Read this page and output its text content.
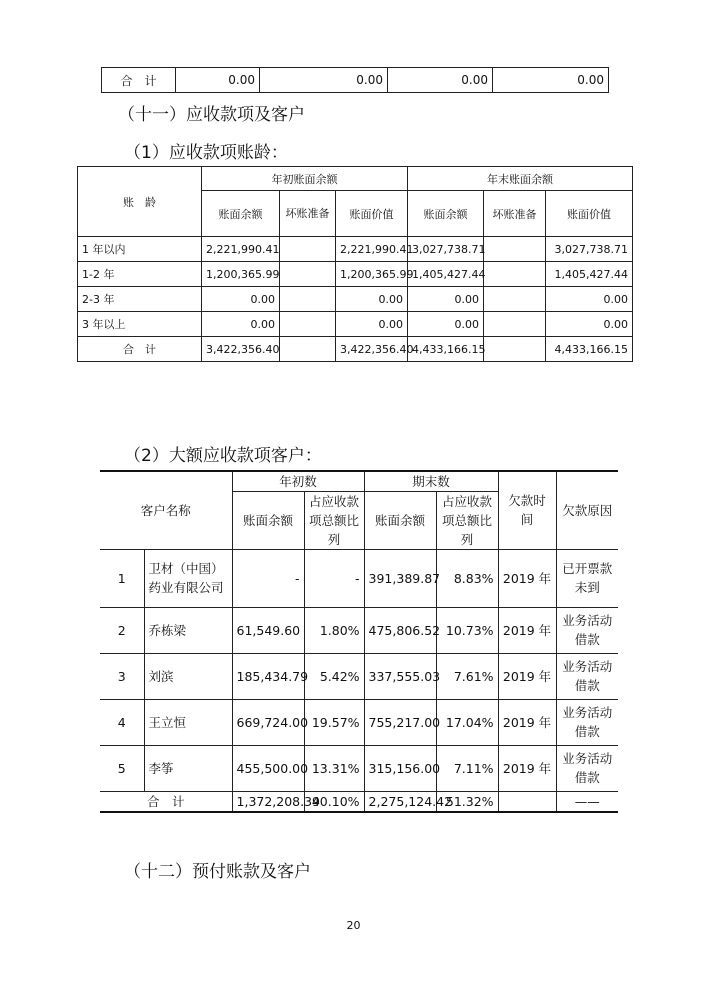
合　计	0.00	0.00	0.00	0.00
（十一）应收款项及客户
（1）应收款项账龄：
账　龄	年初账面余额			年末账面余额		
	账面余额	坏账准备	账面价值	账面余额	坏账准备	账面价值
1 年以内	2,221,990.41		2,221,990.41	3,027,738.71		3,027,738.71
1-2 年	1,200,365.99		1,200,365.99	1,405,427.44		1,405,427.44
2-3 年	0.00		0.00	0.00		0.00
3 年以上	0.00		0.00	0.00		0.00
合　计	3,422,356.40		3,422,356.40	4,433,166.15		4,433,166.15
（2）大额应收款项客户：
客户名称		年初数		期末数		欠款时间	欠款原因
		账面余额	占应收款项总额比列	账面余额	占应收款项总额比列		
1	卫材（中国）药业有限公司	-	-	391,389.87	8.83%	2019 年	已开票款未到
2	乔栋梁	61,549.60	1.80%	475,806.52	10.73%	2019 年	业务活动借款
3	刘滨	185,434.79	5.42%	337,555.03	7.61%	2019 年	业务活动借款
4	王立恒	669,724.00	19.57%	755,217.00	17.04%	2019 年	业务活动借款
5	李筝	455,500.00	13.31%	315,156.00	7.11%	2019 年	业务活动借款
合　计		1,372,208.39	40.10%	2,275,124.42	51.32%		——
（十二）预付账款及客户
20
